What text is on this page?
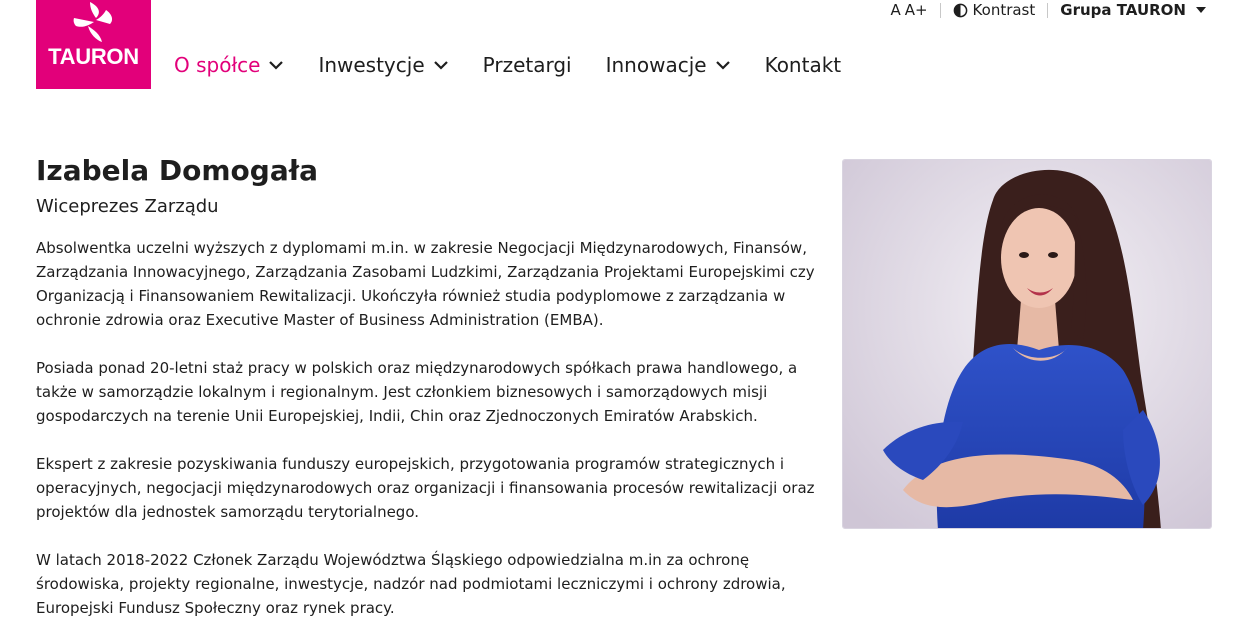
TAURON	O spółce	Inwestycje	Przetargi Innowacje	Kontakt
A A+	Kontrast Grupa TAURON
Izabela Domogała
Wiceprezes Zarządu

Absolwentka uczelni wyższych z dyplomami m.in. w zakresie Negocjacji Międzynarodowych, Finansów, Zarządzania Innowacyjnego, Zarządzania Zasobami Ludzkimi, Zarządzania Projektami Europejskimi czy Organizacją i Finansowaniem Rewitalizacji. Ukończyła również studia podyplomowe z zarządzania w ochronie zdrowia oraz Executive Master of Business Administration (EMBA).

Posiada ponad 20-letni staż pracy w polskich oraz międzynarodowych spółkach prawa handlowego, a także w samorządzie lokalnym i regionalnym. Jest członkiem biznesowych i samorządowych misji gospodarczych na terenie Unii Europejskiej, Indii, Chin oraz Zjednoczonych Emiratów Arabskich.

Ekspert z zakresie pozyskiwania funduszy europejskich, przygotowania programów strategicznych i operacyjnych, negocjacji międzynarodowych oraz organizacji i finansowania procesów rewitalizacji oraz projektów dla jednostek samorządu terytorialnego.

W latach 2018-2022 Członek Zarządu Województwa Śląskiego odpowiedzialna m.in za ochronę środowiska, projekty regionalne, inwestycje, nadzór nad podmiotami leczniczymi i ochrony zdrowia, Europejski Fundusz Społeczny oraz rynek pracy.
